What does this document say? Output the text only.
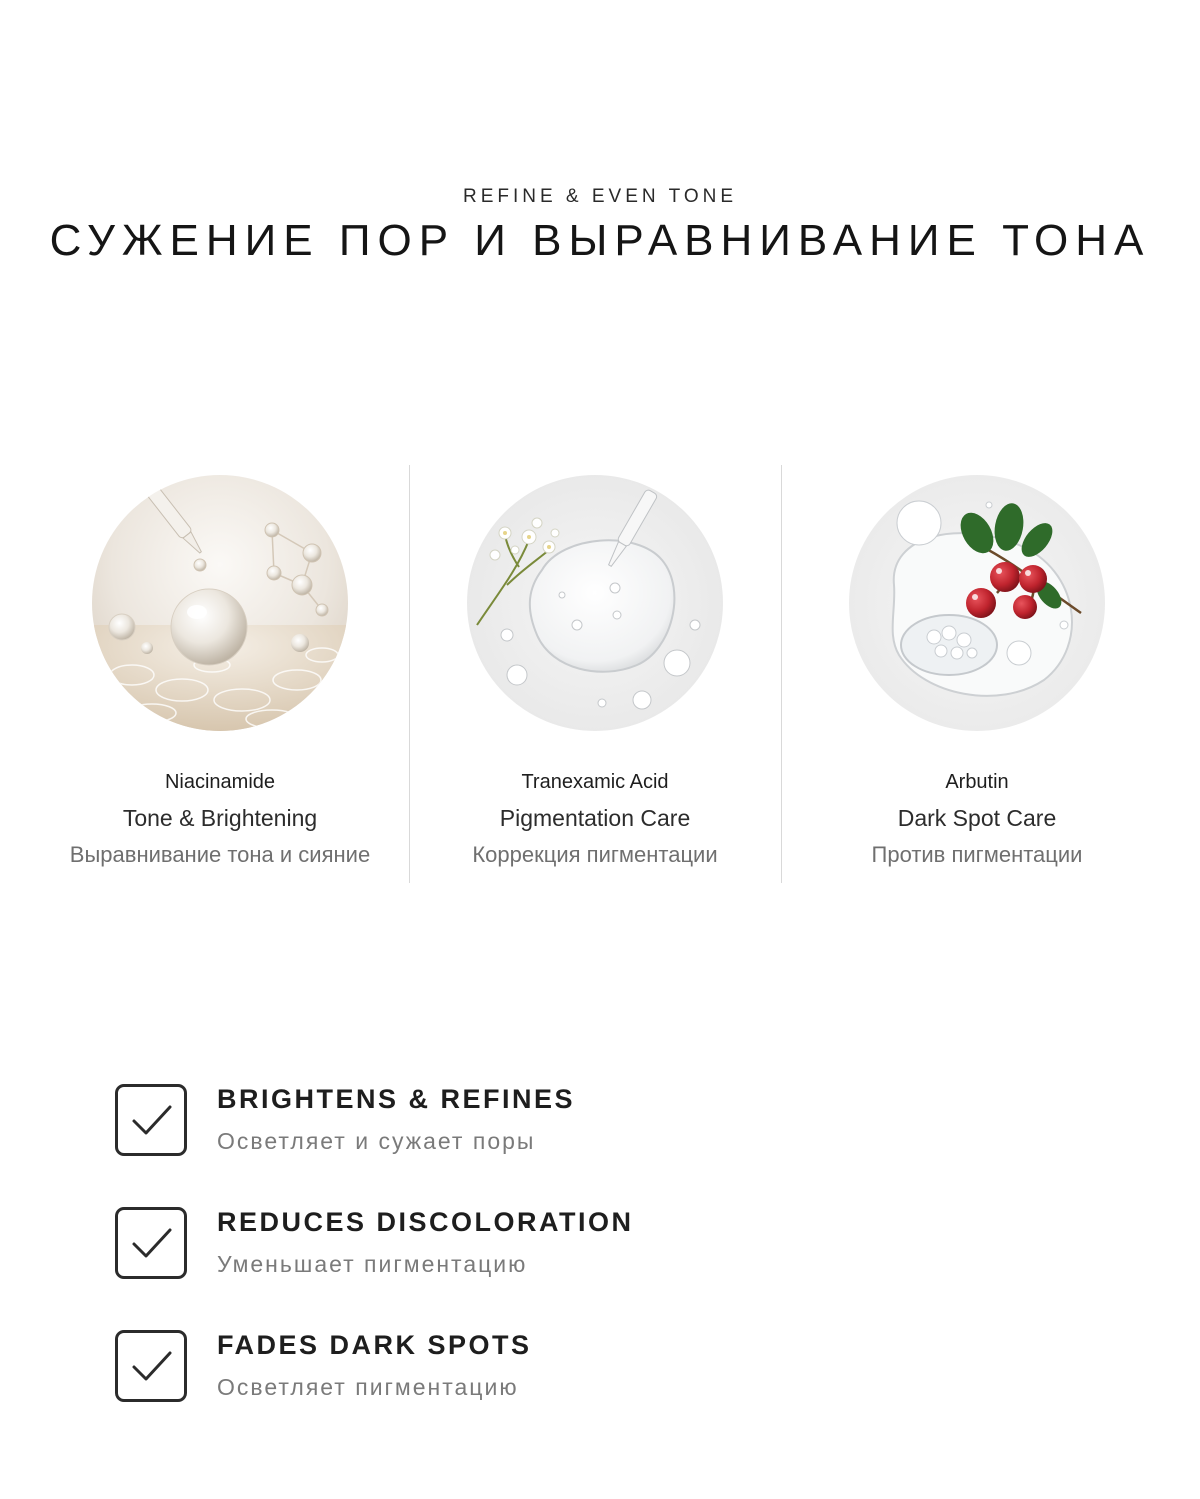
REFINE & EVEN TONE
СУЖЕНИЕ ПОР И ВЫРАВНИВАНИЕ ТОНА
Niacinamide
Tone & Brightening
Выравнивание тона и сияние
Tranexamic Acid
Pigmentation Care
Коррекция пигментации
Arbutin
Dark Spot Care
Против пигментации
BRIGHTENS & REFINES
Осветляет и сужает поры
REDUCES DISCOLORATION
Уменьшает пигментацию
FADES DARK SPOTS
Осветляет пигментацию
